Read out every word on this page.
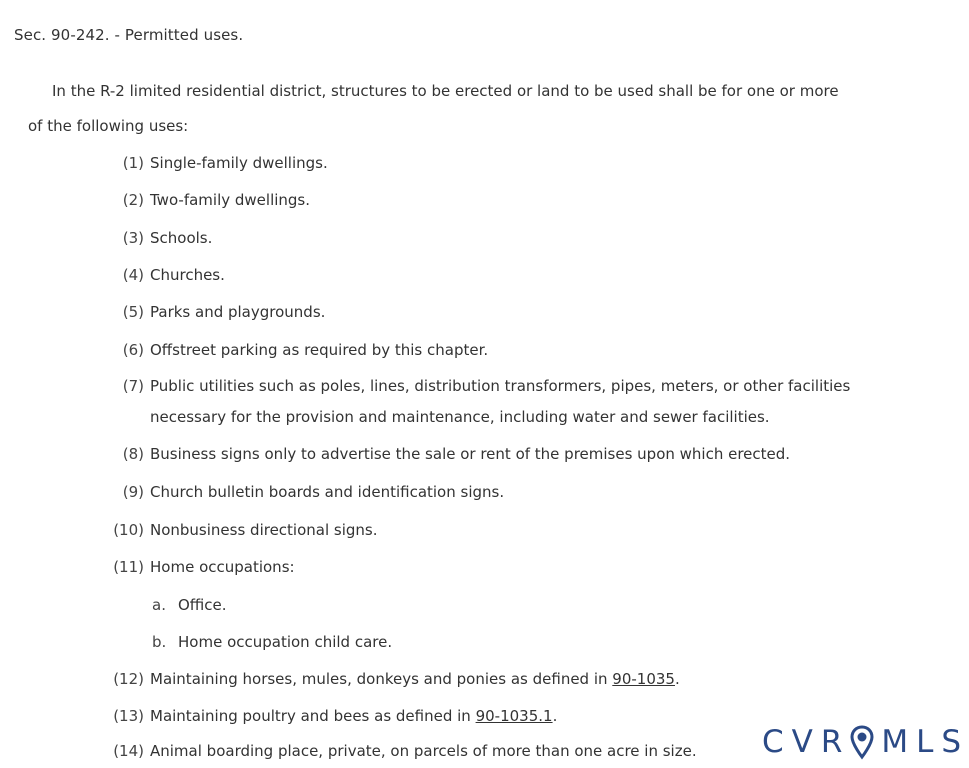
Sec. 90-242. - Permitted uses.
In the R-2 limited residential district, structures to be erected or land to be used shall be for one or more
of the following uses:
(1) Single-family dwellings.
(2) Two-family dwellings.
(3) Schools.
(4) Churches.
(5) Parks and playgrounds.
(6) Offstreet parking as required by this chapter.
(7) Public utilities such as poles, lines, distribution transformers, pipes, meters, or other facilities
necessary for the provision and maintenance, including water and sewer facilities.
(8) Business signs only to advertise the sale or rent of the premises upon which erected.
(9) Church bulletin boards and identification signs.
(10) Nonbusiness directional signs.
(11) Home occupations:
a. Office.
b. Home occupation child care.
(12) Maintaining horses, mules, donkeys and ponies as defined in 90-1035.
(13) Maintaining poultry and bees as defined in 90-1035.1.
(14) Animal boarding place, private, on parcels of more than one acre in size.	CVR MLS
